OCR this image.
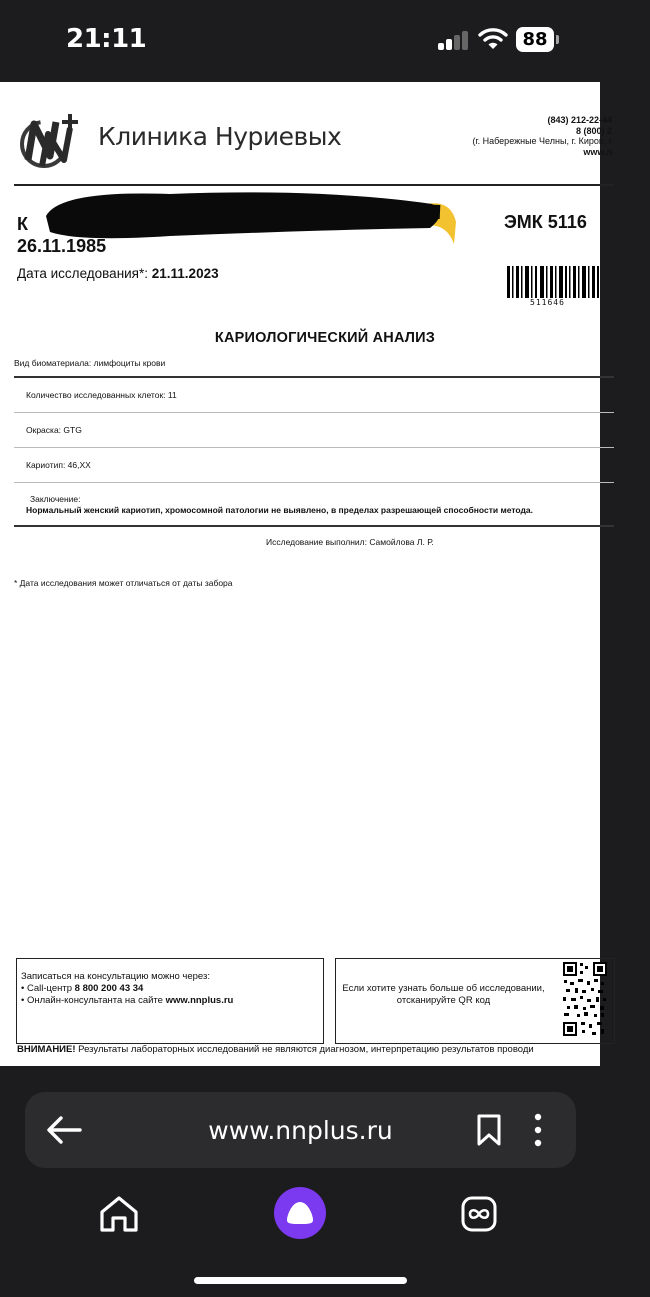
21:11	88
Клиника Нуриевых
(843) 212-22-44
8 (800) 2
(г. Набережные Челны, г. Киров, г
www.n
К
26.11.1985
ЭМК 5116
Дата исследования*: 21.11.2023
511646
КАРИОЛОГИЧЕСКИЙ АНАЛИЗ
Вид биоматериала: лимфоциты крови
Количество исследованных клеток: 11
Окраска: GTG
Кариотип: 46,XX
Заключение:
Нормальный женский кариотип, хромосомной патологии не выявлено, в пределах разрешающей способности метода.
Исследование выполнил: Самойлова Л. Р.
* Дата исследования может отличаться от даты забора
Записаться на консультацию можно через:
• Call-центр 8 800 200 43 34
• Онлайн-консультанта на сайте www.nnplus.ru
Если хотите узнать больше об исследовании, отсканируйте QR код
ВНИМАНИЕ! Результаты лабораторных исследований не являются диагнозом, интерпретацию результатов проводи
www.nnplus.ru
